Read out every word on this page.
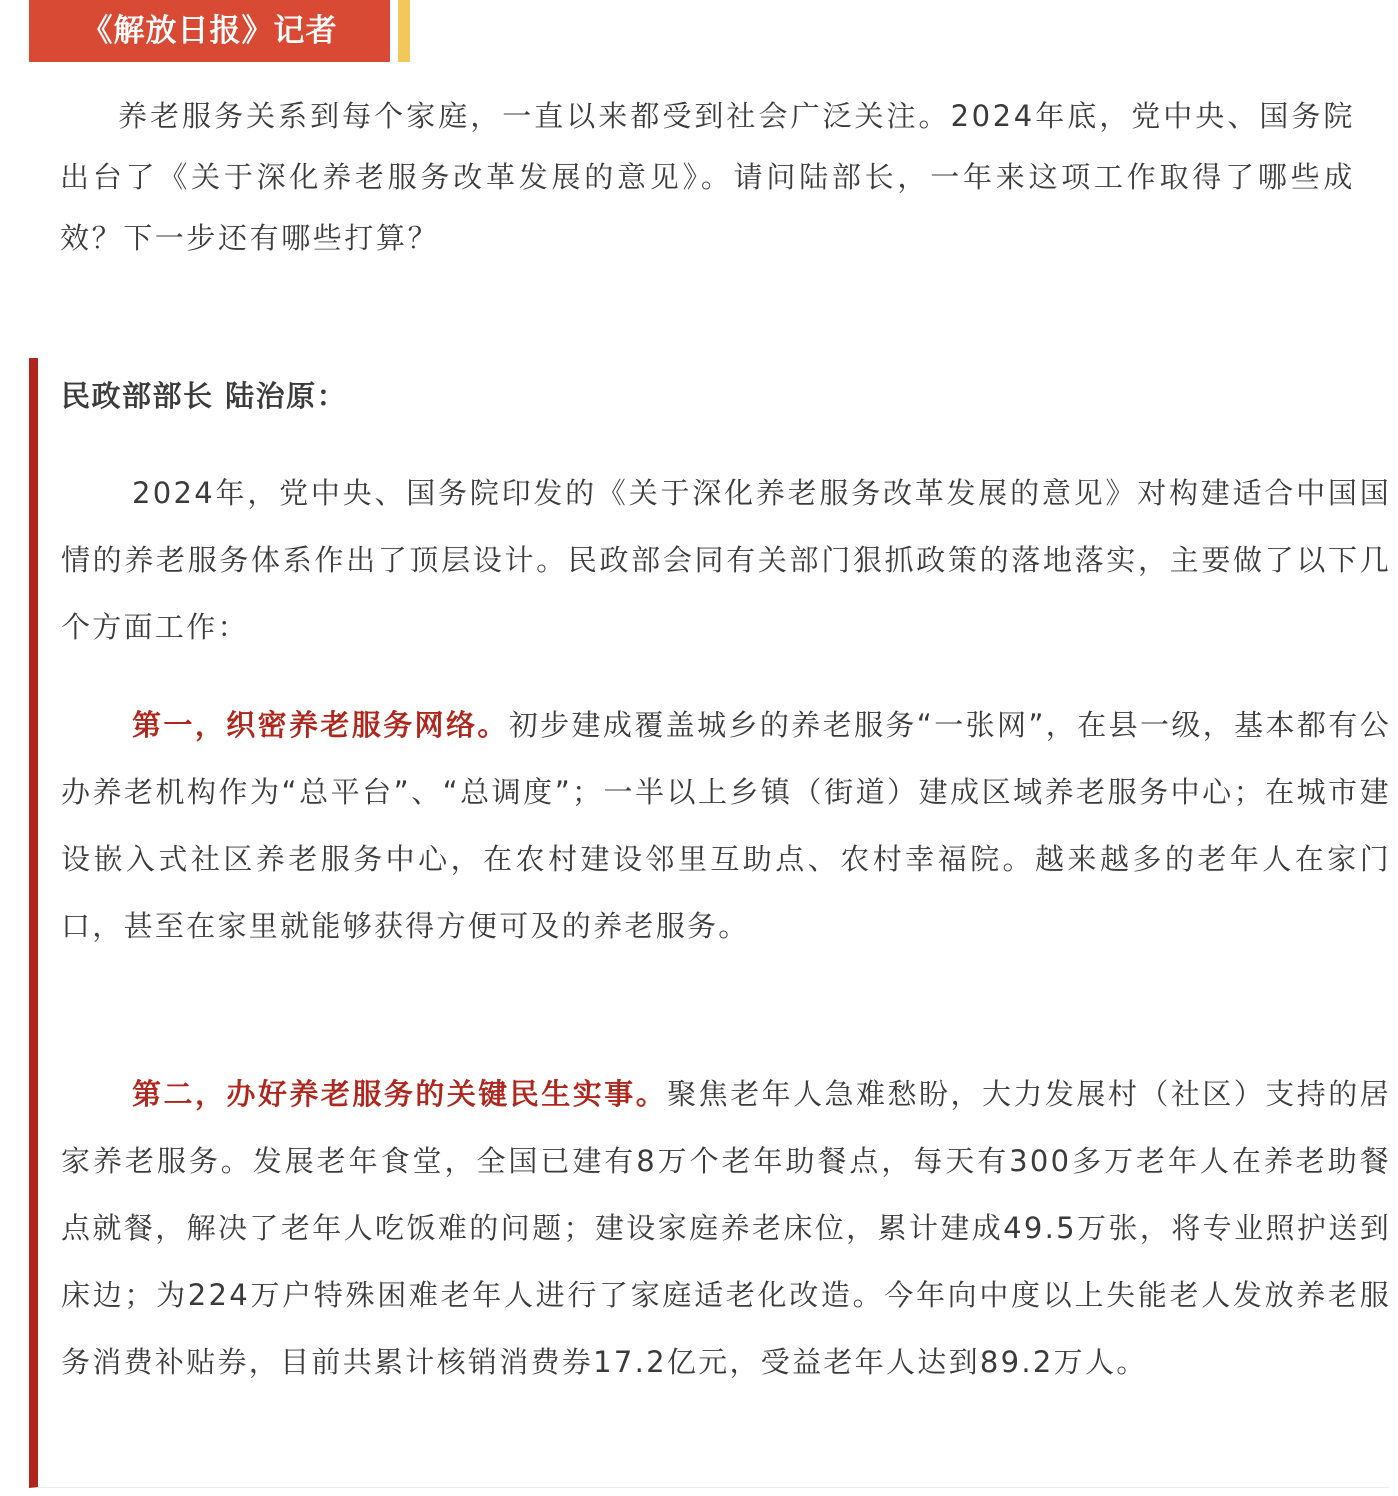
《解放日报》记者
养老服务关系到每个家庭，一直以来都受到社会广泛关注。2024年底，党中央、国务院出台了《关于深化养老服务改革发展的意见》。请问陆部长，一年来这项工作取得了哪些成效？下一步还有哪些打算？
民政部部长 陆治原：
2024年，党中央、国务院印发的《关于深化养老服务改革发展的意见》对构建适合中国国情的养老服务体系作出了顶层设计。民政部会同有关部门狠抓政策的落地落实，主要做了以下几个方面工作：
第一，织密养老服务网络。初步建成覆盖城乡的养老服务“一张网”，在县一级，基本都有公办养老机构作为“总平台”、“总调度”；一半以上乡镇（街道）建成区域养老服务中心；在城市建设嵌入式社区养老服务中心，在农村建设邻里互助点、农村幸福院。越来越多的老年人在家门口，甚至在家里就能够获得方便可及的养老服务。
第二，办好养老服务的关键民生实事。聚焦老年人急难愁盼，大力发展村（社区）支持的居家养老服务。发展老年食堂，全国已建有8万个老年助餐点，每天有300多万老年人在养老助餐点就餐，解决了老年人吃饭难的问题；建设家庭养老床位，累计建成49.5万张，将专业照护送到床边；为224万户特殊困难老年人进行了家庭适老化改造。今年向中度以上失能老人发放养老服务消费补贴券，目前共累计核销消费券17.2亿元，受益老年人达到89.2万人。
